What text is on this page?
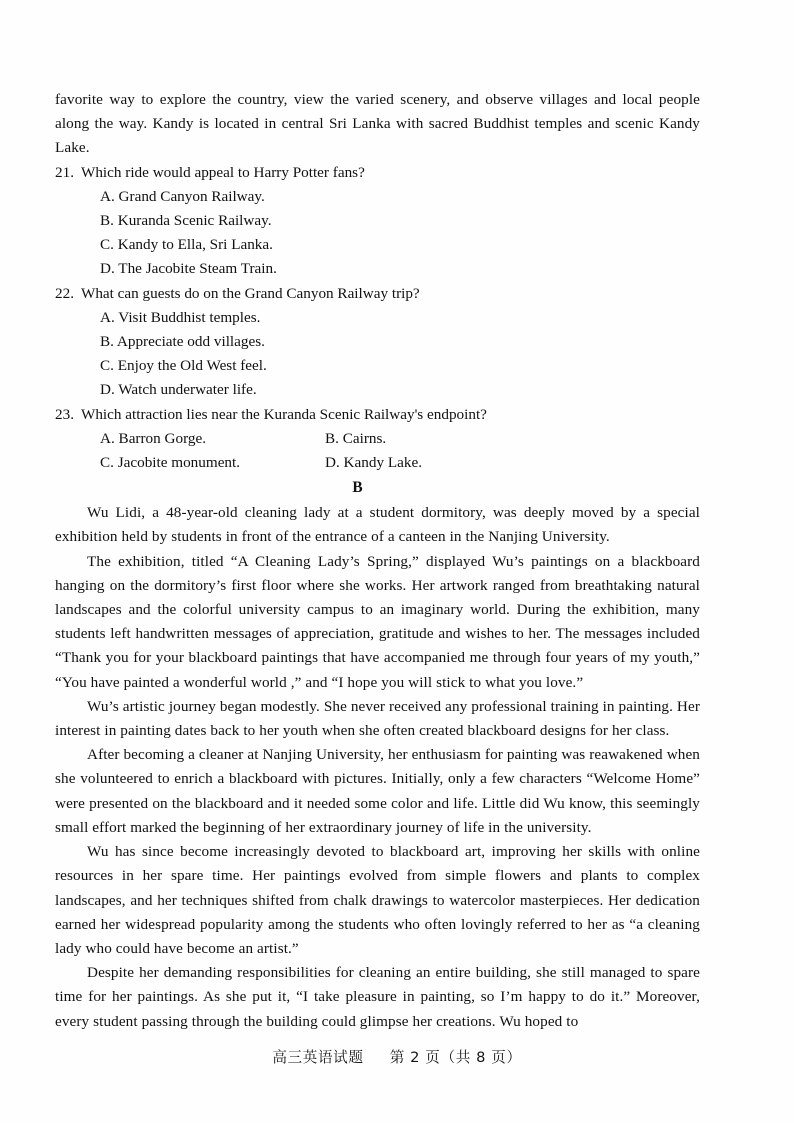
favorite way to explore the country, view the varied scenery, and observe villages and local people along the way. Kandy is located in central Sri Lanka with sacred Buddhist temples and scenic Kandy Lake.

21. Which ride would appeal to Harry Potter fans?

A. Grand Canyon Railway.

B. Kuranda Scenic Railway.

C. Kandy to Ella, Sri Lanka.

D. The Jacobite Steam Train.

22. What can guests do on the Grand Canyon Railway trip?

A. Visit Buddhist temples.

B. Appreciate odd villages.

C. Enjoy the Old West feel.

D. Watch underwater life.

23. Which attraction lies near the Kuranda Scenic Railway's endpoint?

A. Barron Gorge.	B. Cairns.
C. Jacobite monument.	D. Kandy Lake.

B

Wu Lidi, a 48-year-old cleaning lady at a student dormitory, was deeply moved by a special exhibition held by students in front of the entrance of a canteen in the Nanjing University.

The exhibition, titled “A Cleaning Lady’s Spring,” displayed Wu’s paintings on a blackboard hanging on the dormitory’s first floor where she works. Her artwork ranged from breathtaking natural landscapes and the colorful university campus to an imaginary world. During the exhibition, many students left handwritten messages of appreciation, gratitude and wishes to her. The messages included “Thank you for your blackboard paintings that have accompanied me through four years of my youth,” “You have painted a wonderful world ,” and “I hope you will stick to what you love.”

Wu’s artistic journey began modestly. She never received any professional training in painting. Her interest in painting dates back to her youth when she often created blackboard designs for her class.

After becoming a cleaner at Nanjing University, her enthusiasm for painting was reawakened when she volunteered to enrich a blackboard with pictures. Initially, only a few characters “Welcome Home” were presented on the blackboard and it needed some color and life. Little did Wu know, this seemingly small effort marked the beginning of her extraordinary journey of life in the university.

Wu has since become increasingly devoted to blackboard art, improving her skills with online resources in her spare time. Her paintings evolved from simple flowers and plants to complex landscapes, and her techniques shifted from chalk drawings to watercolor masterpieces. Her dedication earned her widespread popularity among the students who often lovingly referred to her as “a cleaning lady who could have become an artist.”

Despite her demanding responsibilities for cleaning an entire building, she still managed to spare time for her paintings. As she put it, “I take pleasure in painting, so I’m happy to do it.” Moreover, every student passing through the building could glimpse her creations. Wu hoped to

高三英语试题 第 2 页（共 8 页）
